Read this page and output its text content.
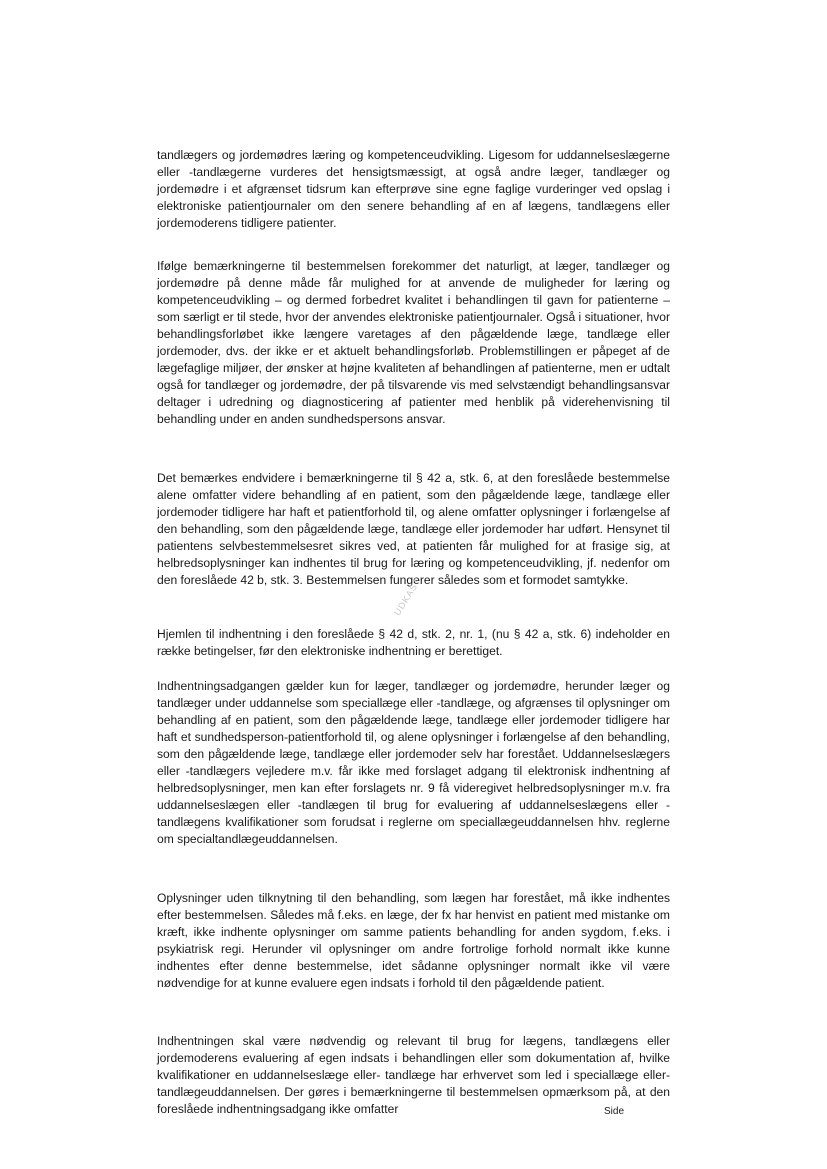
tandlægers og jordemødres læring og kompetenceudvikling. Ligesom for uddannelseslægerne eller -tandlægerne vurderes det hensigtsmæssigt, at også andre læger, tandlæger og jordemødre i et afgrænset tidsrum kan efterprøve sine egne faglige vurderinger ved opslag i elektroniske patientjournaler om den senere behandling af en af lægens, tandlægens eller jordemoderens tidligere patienter.

Ifølge bemærkningerne til bestemmelsen forekommer det naturligt, at læger, tandlæger og jordemødre på denne måde får mulighed for at anvende de muligheder for læring og kompetenceudvikling – og dermed forbedret kvalitet i behandlingen til gavn for patienterne – som særligt er til stede, hvor der anvendes elektroniske patientjournaler. Også i situationer, hvor behandlingsforløbet ikke længere varetages af den pågældende læge, tandlæge eller jordemoder, dvs. der ikke er et aktuelt behandlingsforløb. Problemstillingen er påpeget af de lægefaglige miljøer, der ønsker at højne kvaliteten af behandlingen af patienterne, men er udtalt også for tandlæger og jordemødre, der på tilsvarende vis med selvstændigt behandlingsansvar deltager i udredning og diagnosticering af patienter med henblik på viderehenvisning til behandling under en anden sundhedspersons ansvar.

Det bemærkes endvidere i bemærkningerne til § 42 a, stk. 6, at den foreslåede bestemmelse alene omfatter videre behandling af en patient, som den pågældende læge, tandlæge eller jordemoder tidligere har haft et patientforhold til, og alene omfatter oplysninger i forlængelse af den behandling, som den pågældende læge, tandlæge eller jordemoder har udført. Hensynet til patientens selvbestemmelsesret sikres ved, at patienten får mulighed for at frasige sig, at helbredsoplysninger kan indhentes til brug for læring og kompetenceudvikling, jf. nedenfor om den foreslåede 42 b, stk. 3. Bestemmelsen fungerer således som et formodet samtykke.

Hjemlen til indhentning i den foreslåede § 42 d, stk. 2, nr. 1, (nu § 42 a, stk. 6) indeholder en række betingelser, før den elektroniske indhentning er berettiget.

Indhentningsadgangen gælder kun for læger, tandlæger og jordemødre, herunder læger og tandlæger under uddannelse som speciallæge eller -tandlæge, og afgrænses til oplysninger om behandling af en patient, som den pågældende læge, tandlæge eller jordemoder tidligere har haft et sundhedsperson-patientforhold til, og alene oplysninger i forlængelse af den behandling, som den pågældende læge, tandlæge eller jordemoder selv har forestået. Uddannelseslægers eller -tandlægers vejledere m.v. får ikke med forslaget adgang til elektronisk indhentning af helbredsoplysninger, men kan efter forslagets nr. 9 få videregivet helbredsoplysninger m.v. fra uddannelseslægen eller -tandlægen til brug for evaluering af uddannelseslægens eller -tandlægens kvalifikationer som forudsat i reglerne om speciallægeuddannelsen hhv. reglerne om specialtandlægeuddannelsen.

Oplysninger uden tilknytning til den behandling, som lægen har forestået, må ikke indhentes efter bestemmelsen. Således må f.eks. en læge, der fx har henvist en patient med mistanke om kræft, ikke indhente oplysninger om samme patients behandling for anden sygdom, f.eks. i psykiatrisk regi. Herunder vil oplysninger om andre fortrolige forhold normalt ikke kunne indhentes efter denne bestemmelse, idet sådanne oplysninger normalt ikke vil være nødvendige for at kunne evaluere egen indsats i forhold til den pågældende patient.

Indhentningen skal være nødvendig og relevant til brug for lægens, tandlægens eller jordemoderens evaluering af egen indsats i behandlingen eller som dokumentation af, hvilke kvalifikationer en uddannelseslæge eller- tandlæge har erhvervet som led i speciallæge eller-tandlægeuddannelsen. Der gøres i bemærkningerne til bestemmelsen opmærksom på, at den foreslåede indhentningsadgang ikke omfatter

UDKAST
Side
